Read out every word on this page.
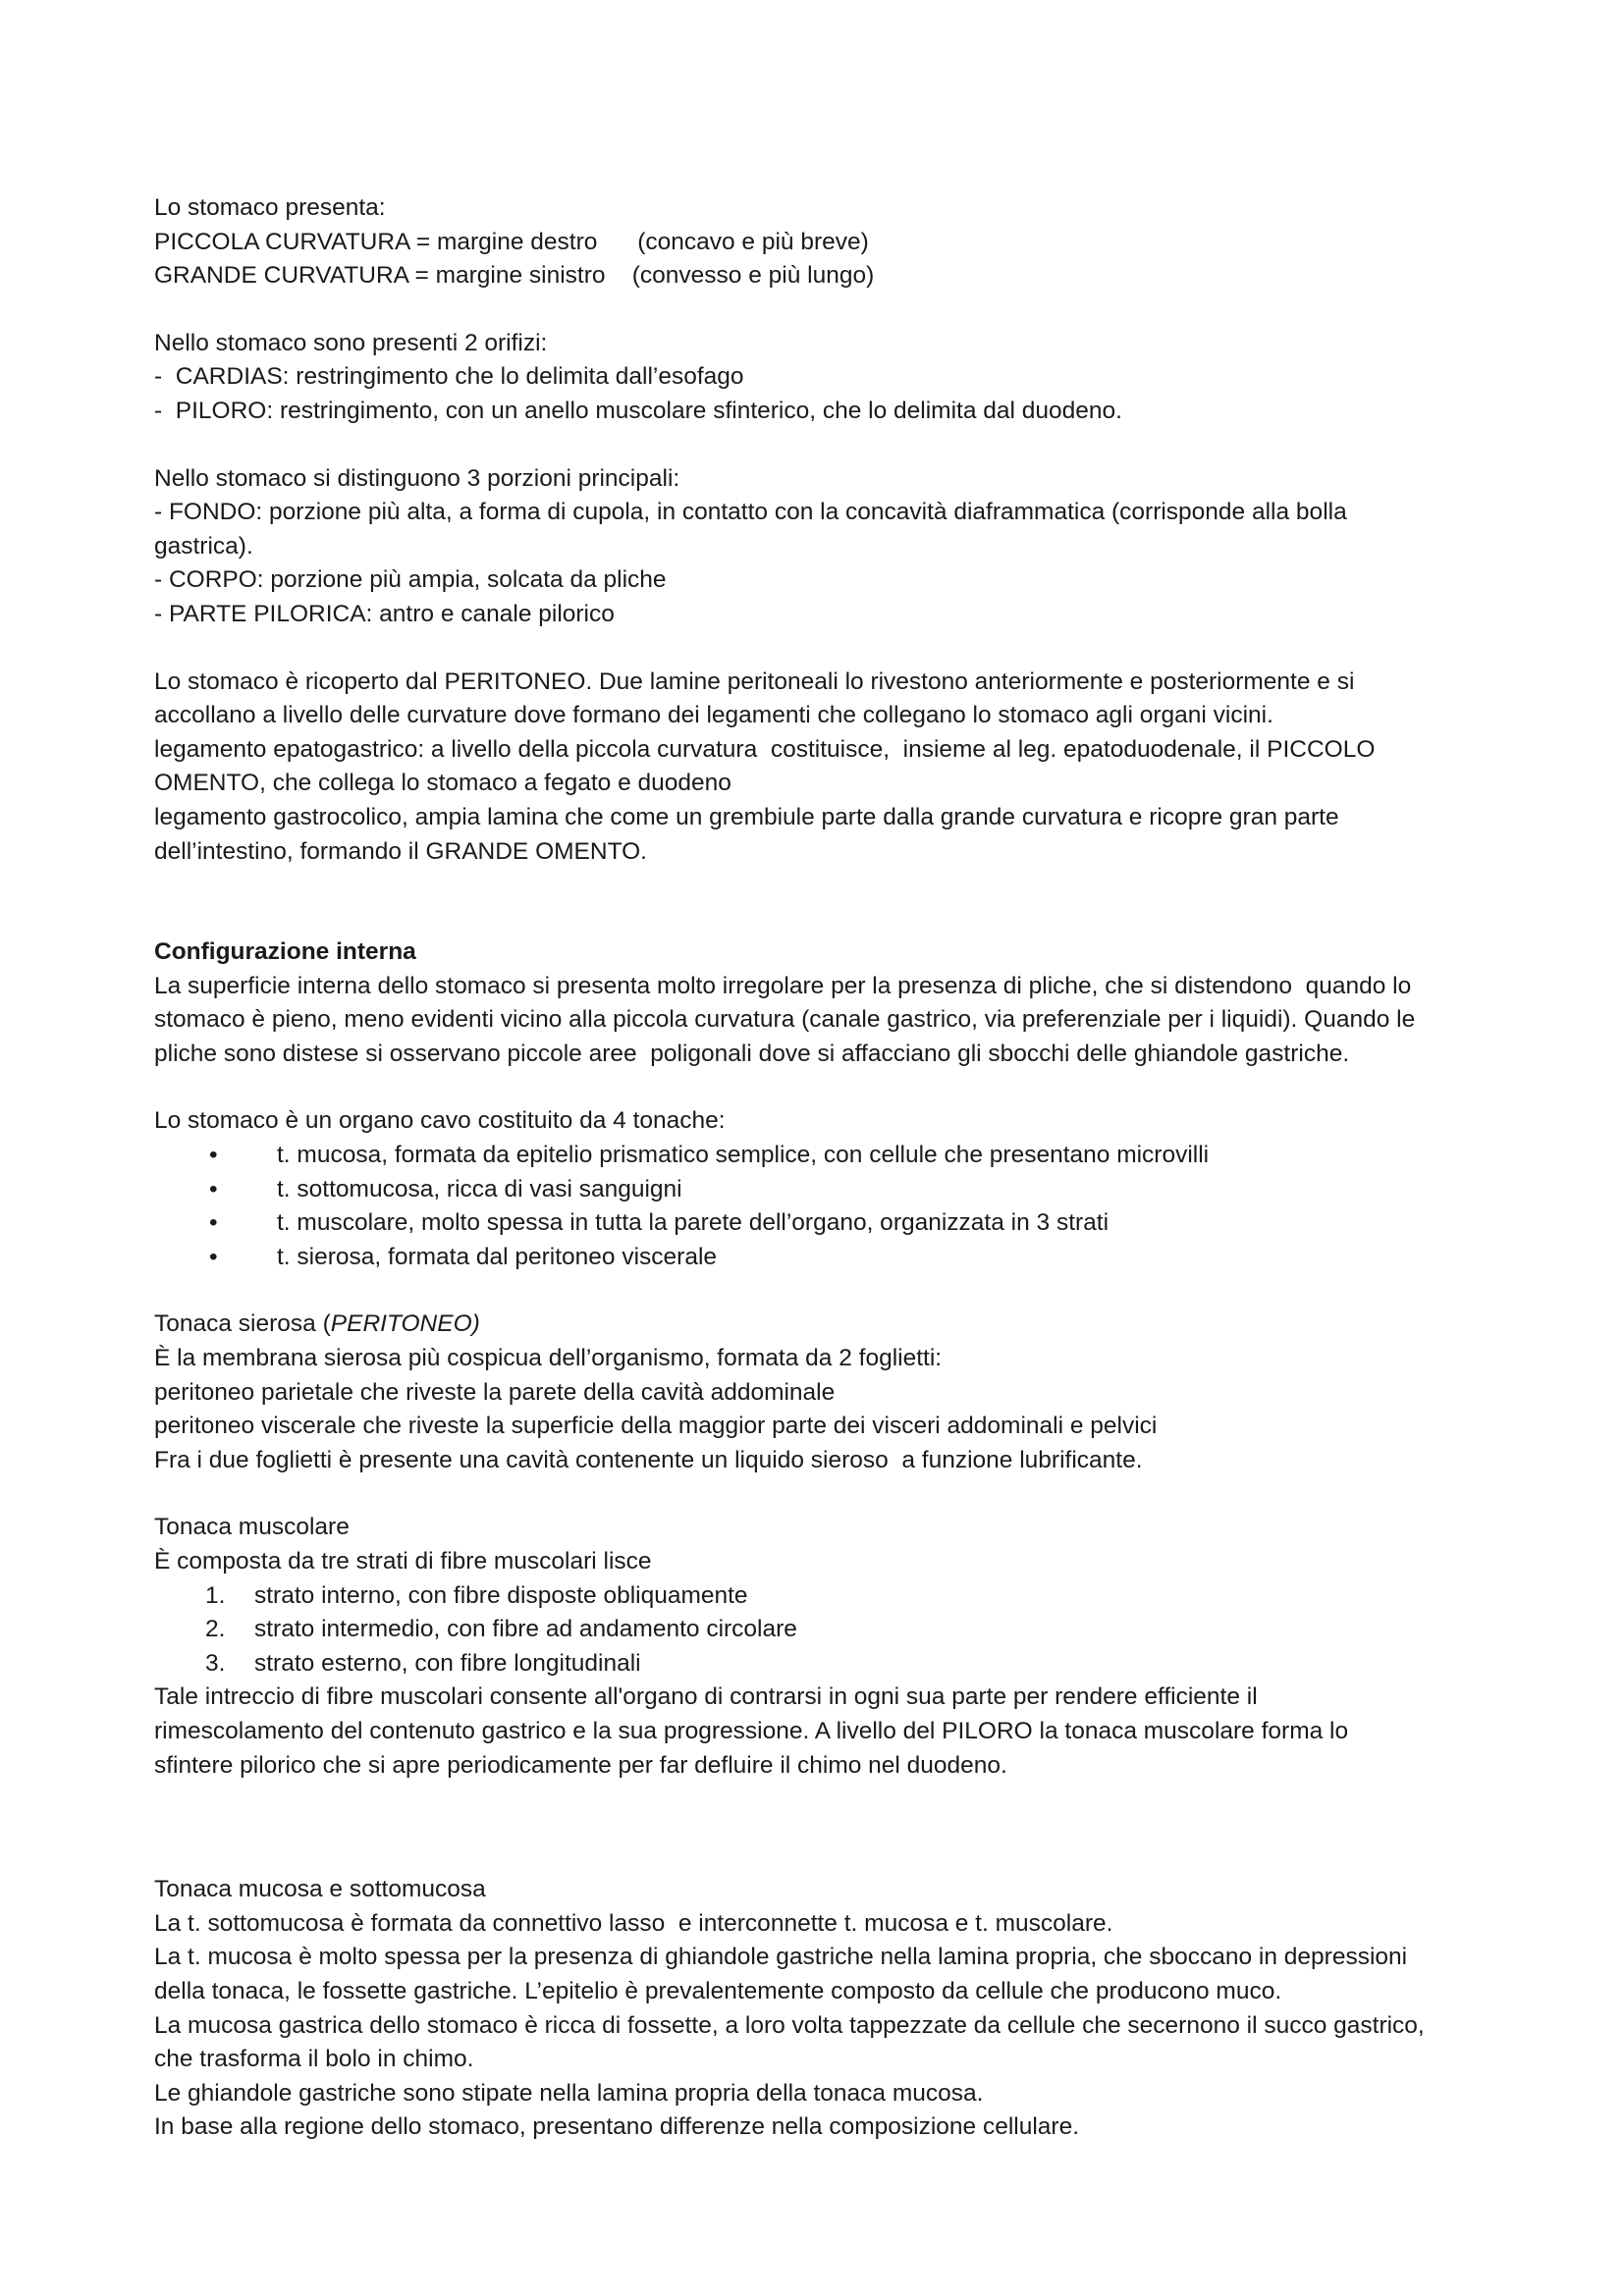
Lo stomaco presenta:
PICCOLA CURVATURA = margine destro      (concavo e più breve)
GRANDE CURVATURA = margine sinistro    (convesso e più lungo)
Nello stomaco sono presenti 2 orifizi:
-  CARDIAS: restringimento che lo delimita dall’esofago
-  PILORO: restringimento, con un anello muscolare sfinterico, che lo delimita dal duodeno.
Nello stomaco si distinguono 3 porzioni principali:
- FONDO: porzione più alta, a forma di cupola, in contatto con la concavità diaframmatica (corrisponde alla bolla
gastrica).
- CORPO: porzione più ampia, solcata da pliche
- PARTE PILORICA: antro e canale pilorico
Lo stomaco è ricoperto dal PERITONEO. Due lamine peritoneali lo rivestono anteriormente e posteriormente e si
accollano a livello delle curvature dove formano dei legamenti che collegano lo stomaco agli organi vicini.
legamento epatogastrico: a livello della piccola curvatura  costituisce,  insieme al leg. epatoduodenale, il PICCOLO
OMENTO, che collega lo stomaco a fegato e duodeno
legamento gastrocolico, ampia lamina che come un grembiule parte dalla grande curvatura e ricopre gran parte
dell’intestino, formando il GRANDE OMENTO.
Configurazione interna
La superficie interna dello stomaco si presenta molto irregolare per la presenza di pliche, che si distendono  quando lo
stomaco è pieno, meno evidenti vicino alla piccola curvatura (canale gastrico, via preferenziale per i liquidi). Quando le
pliche sono distese si osservano piccole aree  poligonali dove si affacciano gli sbocchi delle ghiandole gastriche.
Lo stomaco è un organo cavo costituito da 4 tonache:
• t. mucosa, formata da epitelio prismatico semplice, con cellule che presentano microvilli
• t. sottomucosa, ricca di vasi sanguigni
• t. muscolare, molto spessa in tutta la parete dell’organo, organizzata in 3 strati
• t. sierosa, formata dal peritoneo viscerale
Tonaca sierosa (PERITONEO)
È la membrana sierosa più cospicua dell’organismo, formata da 2 foglietti:
peritoneo parietale che riveste la parete della cavità addominale
peritoneo viscerale che riveste la superficie della maggior parte dei visceri addominali e pelvici
Fra i due foglietti è presente una cavità contenente un liquido sieroso  a funzione lubrificante.
Tonaca muscolare
È composta da tre strati di fibre muscolari lisce
1. strato interno, con fibre disposte obliquamente
2. strato intermedio, con fibre ad andamento circolare
3. strato esterno, con fibre longitudinali
Tale intreccio di fibre muscolari consente all'organo di contrarsi in ogni sua parte per rendere efficiente il
rimescolamento del contenuto gastrico e la sua progressione. A livello del PILORO la tonaca muscolare forma lo
sfintere pilorico che si apre periodicamente per far defluire il chimo nel duodeno.
Tonaca mucosa e sottomucosa
La t. sottomucosa è formata da connettivo lasso  e interconnette t. mucosa e t. muscolare.
La t. mucosa è molto spessa per la presenza di ghiandole gastriche nella lamina propria, che sboccano in depressioni
della tonaca, le fossette gastriche. L’epitelio è prevalentemente composto da cellule che producono muco.
La mucosa gastrica dello stomaco è ricca di fossette, a loro volta tappezzate da cellule che secernono il succo gastrico,
che trasforma il bolo in chimo.
Le ghiandole gastriche sono stipate nella lamina propria della tonaca mucosa.
In base alla regione dello stomaco, presentano differenze nella composizione cellulare.
